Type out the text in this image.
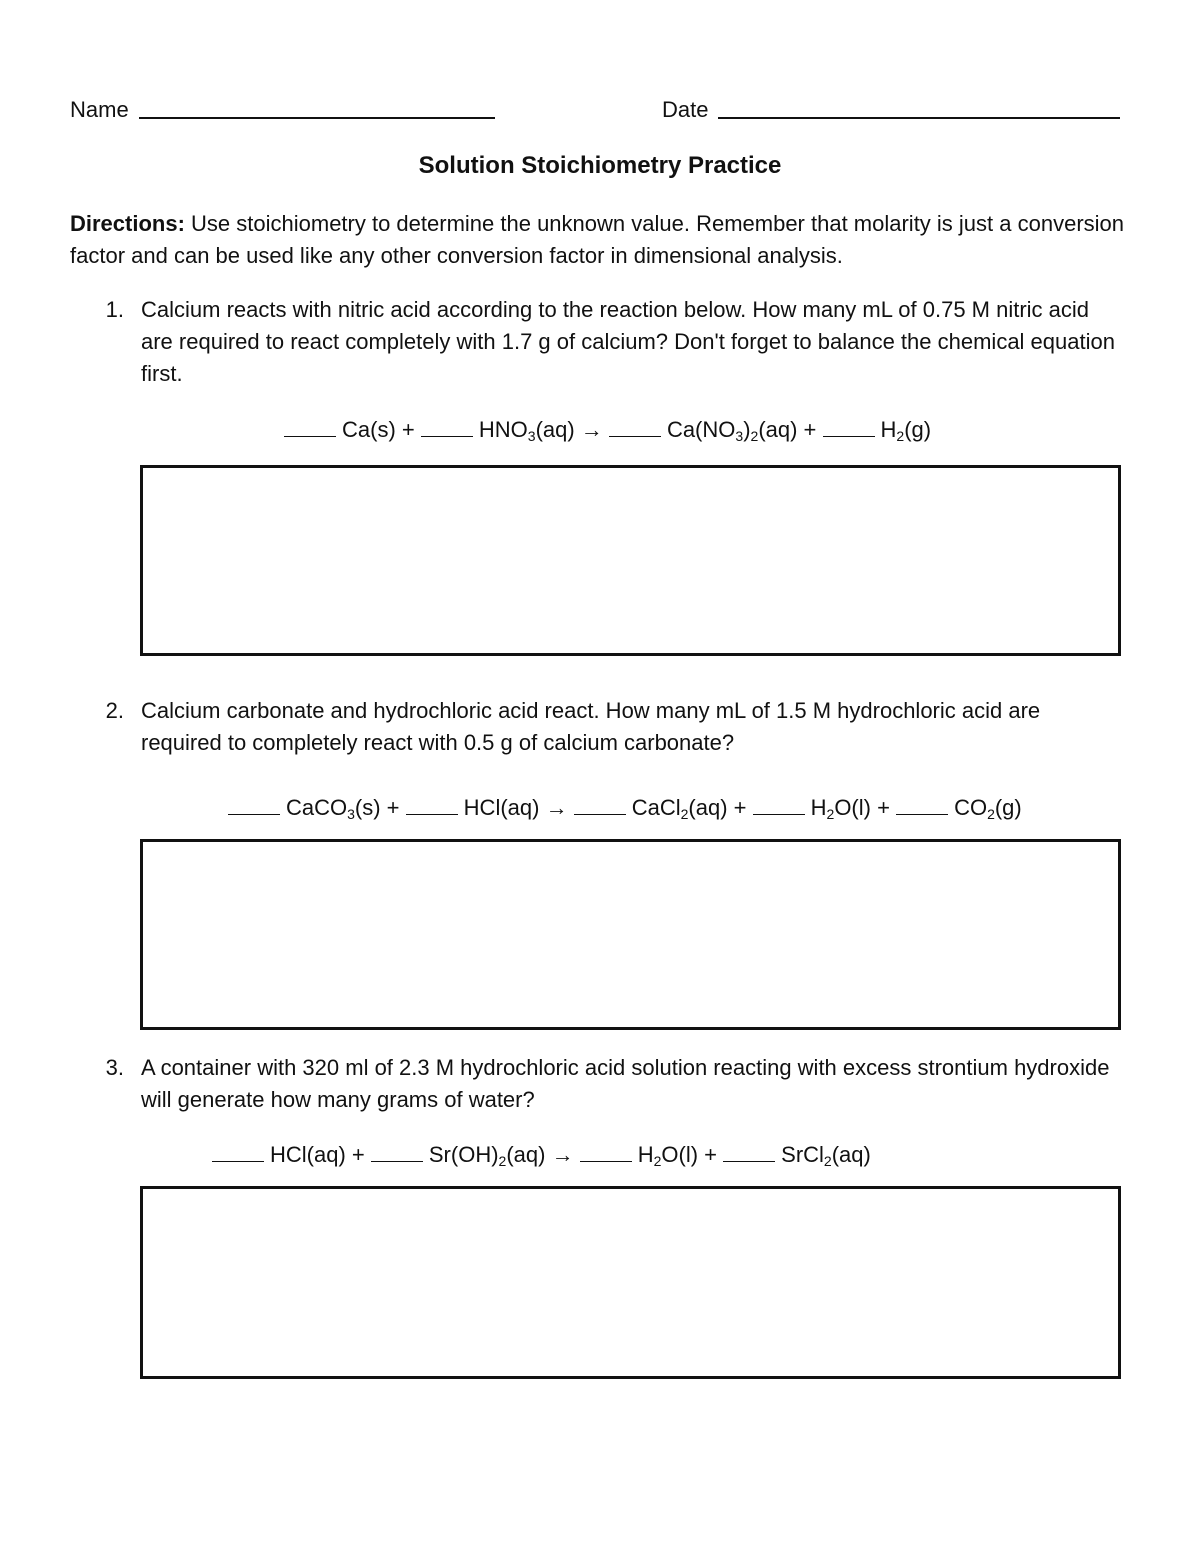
Name	Date
Solution Stoichiometry Practice
Directions: Use stoichiometry to determine the unknown value. Remember that molarity is just a conversion factor and can be used like any other conversion factor in dimensional analysis.
1. Calcium reacts with nitric acid according to the reaction below. How many mL of 0.75 M nitric acid are required to react completely with 1.7 g of calcium? Don't forget to balance the chemical equation first.
Ca(s) +	$HNO_3(aq)$ →	$Ca(NO_3)_2(aq)$ +	$H_2(g)$
2. Calcium carbonate and hydrochloric acid react. How many mL of 1.5 M hydrochloric acid are required to completely react with 0.5 g of calcium carbonate?
CaCO$_3$(s) +	HCl(aq) →	CaCl$_2$(aq) +	$H_2O(l)$ +	$CO_2(g)$
3. A container with 320 ml of 2.3 M hydrochloric acid solution reacting with excess strontium hydroxide will generate how many grams of water?
HCl(aq) +	$Sr(OH)_2(aq)$ →	$H_2O(l)$ +	SrCl$_2$(aq)
